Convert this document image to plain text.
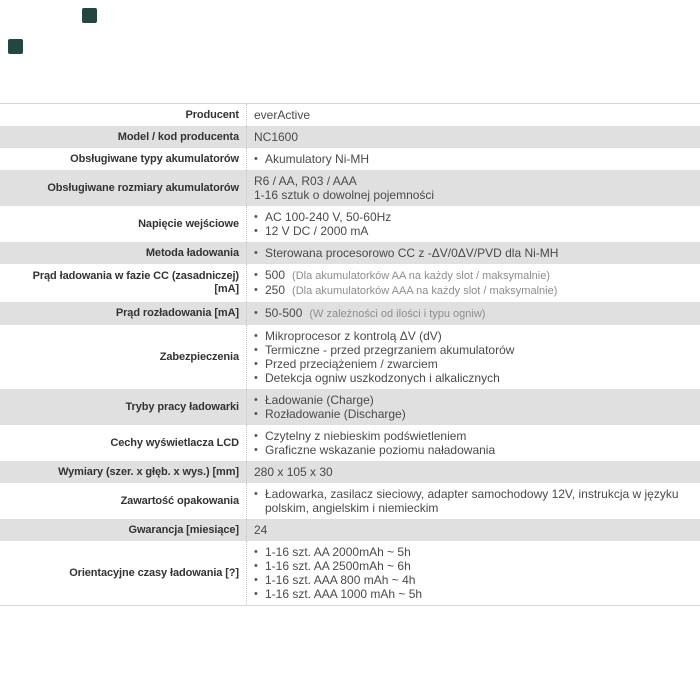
Producent	everActive
Model / kod producenta	NC1600
Obsługiwane typy akumulatorów	• Akumulatory Ni-MH
Obsługiwane rozmiary akumulatorów	R6 / AA, R03 / AAA
1-16 sztuk o dowolnej pojemności
Napięcie wejściowe
• AC 100-240 V, 50-60Hz
• 12 V DC / 2000 mA
Metoda ładowania	• Sterowana procesorowo CC z -ΔV/0ΔV/PVD dla Ni-MH
Prąd ładowania w fazie CC (zasadniczej) [mA]
• 500 (Dla akumulatorków AA na każdy slot / maksymalnie)
• 250 (Dla akumulatorków AAA na każdy slot / maksymalnie)
Prąd rozładowania [mA]	• 50-500 (W zależności od ilości i typu ogniw)
Zabezpieczenia
• Mikroprocesor z kontrolą ΔV (dV)
• Termiczne - przed przegrzaniem akumulatorów
• Przed przeciążeniem / zwarciem
• Detekcja ogniw uszkodzonych i alkalicznych
Tryby pracy ładowarki
• Ładowanie (Charge)
• Rozładowanie (Discharge)
Cechy wyświetlacza LCD
• Czytelny z niebieskim podświetleniem
• Graficzne wskazanie poziomu naładowania
Wymiary (szer. x głęb. x wys.) [mm]	280 x 105 x 30
Zawartość opakowania
• Ładowarka, zasilacz sieciowy, adapter samochodowy 12V, instrukcja w języku polskim, angielskim i niemieckim
Gwarancja [miesiące]	24
Orientacyjne czasy ładowania [?]
• 1-16 szt. AA 2000mAh ~ 5h
• 1-16 szt. AA 2500mAh ~ 6h
• 1-16 szt. AAA 800 mAh ~ 4h
• 1-16 szt. AAA 1000 mAh ~ 5h
